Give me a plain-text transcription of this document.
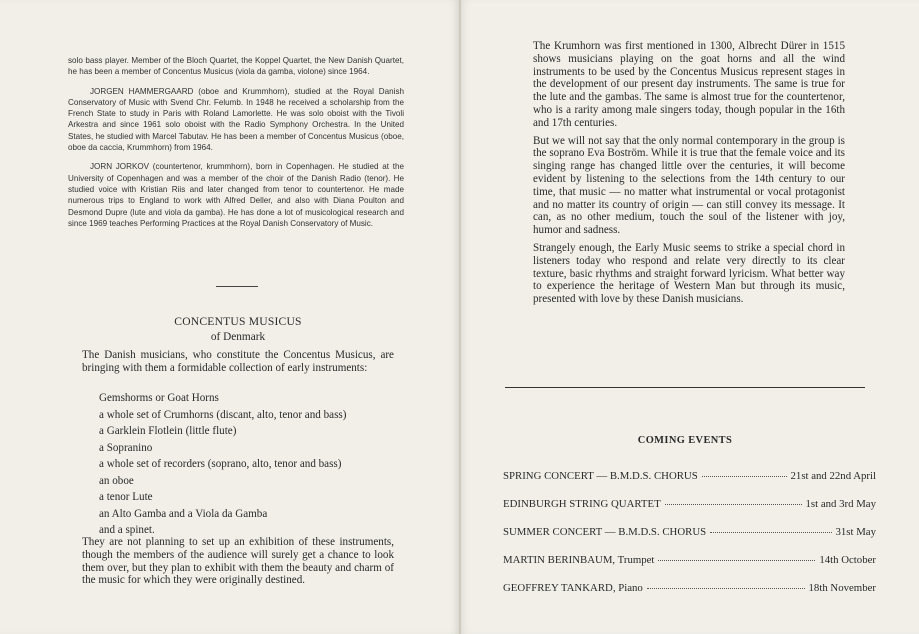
solo bass player. Member of the Bloch Quartet, the Koppel Quartet, the New Danish Quartet, he has been a member of Concentus Musicus (viola da gamba, violone) since 1964.

JORGEN HAMMERGAARD (oboe and Krummhorn), studied at the Royal Danish Conservatory of Music with Svend Chr. Felumb. In 1948 he received a scholarship from the French State to study in Paris with Roland Lamorlette. He was solo oboist with the Tivoli Arkestra and since 1961 solo oboist with the Radio Symphony Orchestra. In the United States, he studied with Marcel Tabutav. He has been a member of Concentus Musicus (oboe, oboe da caccia, Krummhorn) from 1964.

JORN JORKOV (countertenor, krummhorn), born in Copenhagen. He studied at the University of Copenhagen and was a member of the choir of the Danish Radio (tenor). He studied voice with Kristian Riis and later changed from tenor to countertenor. He made numerous trips to England to work with Alfred Deller, and also with Diana Poulton and Desmond Dupre (lute and viola da gamba). He has done a lot of musicological research and since 1969 teaches Performing Practices at the Royal Danish Conservatory of Music.

CONCENTUS MUSICUS
of Denmark

The Danish musicians, who constitute the Concentus Musicus, are bringing with them a formidable collection of early instruments:

Gemshorms or Goat Horns
a whole set of Crumhorns (discant, alto, tenor and bass)
a Garklein Flotlein (little flute)
a Sopranino
a whole set of recorders (soprano, alto, tenor and bass)
an oboe
a tenor Lute
an Alto Gamba and a Viola da Gamba
and a spinet.

They are not planning to set up an exhibition of these instruments, though the members of the audience will surely get a chance to look them over, but they plan to exhibit with them the beauty and charm of the music for which they were originally destined.

The Krumhorn was first mentioned in 1300, Albrecht Dürer in 1515 shows musicians playing on the goat horns and all the wind instruments to be used by the Concentus Musicus represent stages in the development of our present day instruments. The same is true for the lute and the gambas. The same is almost true for the countertenor, who is a rarity among male singers today, though popular in the 16th and 17th centuries.

But we will not say that the only normal contemporary in the group is the soprano Eva Boström. While it is true that the female voice and its singing range has changed little over the centuries, it will become evident by listening to the selections from the 14th century to our time, that music — no matter what instrumental or vocal protagonist and no matter its country of origin — can still convey its message. It can, as no other medium, touch the soul of the listener with joy, humor and sadness.

Strangely enough, the Early Music seems to strike a special chord in listeners today who respond and relate very directly to its clear texture, basic rhythms and straight forward lyricism. What better way to experience the heritage of Western Man but through its music, presented with love by these Danish musicians.

COMING EVENTS
SPRING CONCERT — B.M.D.S. CHORUS	21st and 22nd April
EDINBURGH STRING QUARTET	1st and 3rd May
SUMMER CONCERT — B.M.D.S. CHORUS	31st May
MARTIN BERINBAUM, Trumpet	14th October
GEOFFREY TANKARD, Piano	18th November
